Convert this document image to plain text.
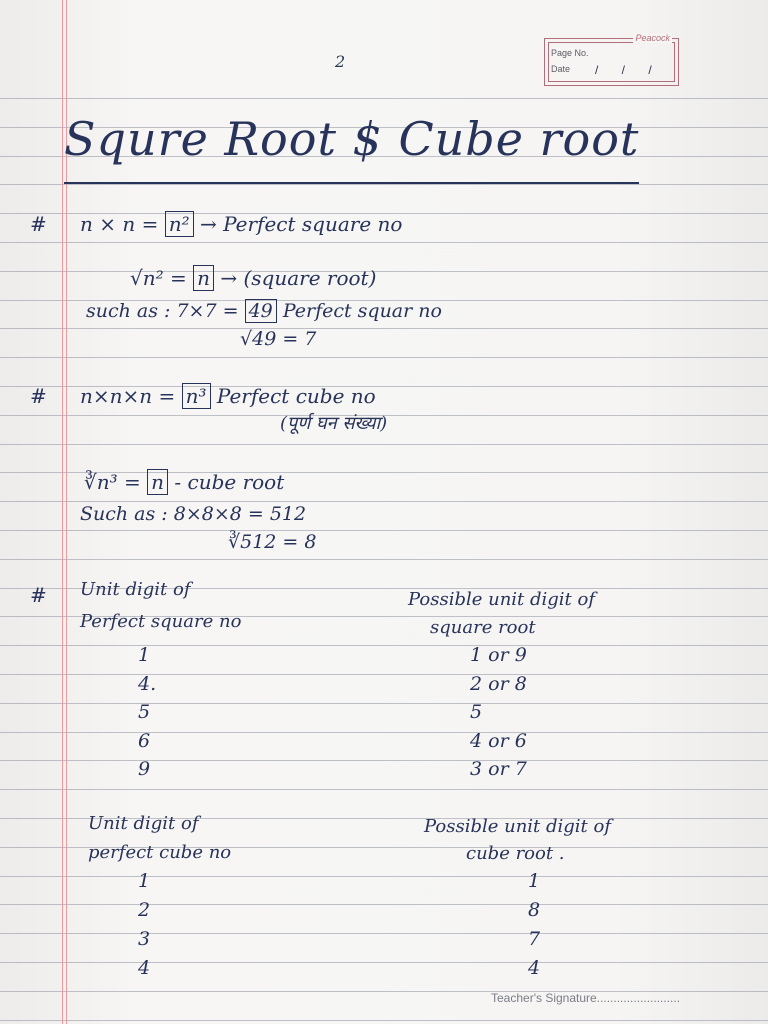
2
Peacock
Page No.
Date / / /
Squre Root $ Cube root
# n × n = n² → Perfect square no
√n² = n → (square root)
such as : 7×7 = 49 Perfect squar no
√49 = 7
# n×n×n = n³ Perfect cube no
(पूर्ण घन संख्या)
∛n³ = n - cube root
Such as : 8×8×8 = 512
∛512 = 8
# Unit digit of
Perfect square no
Possible unit digit of
square root
1	1 or 9
4.	2 or 8
5	5
6	4 or 6
9	3 or 7
Unit digit of
perfect cube no
Possible unit digit of
cube root .
1	1
2	8
3	7
4	4
Teacher's Signature.........................
